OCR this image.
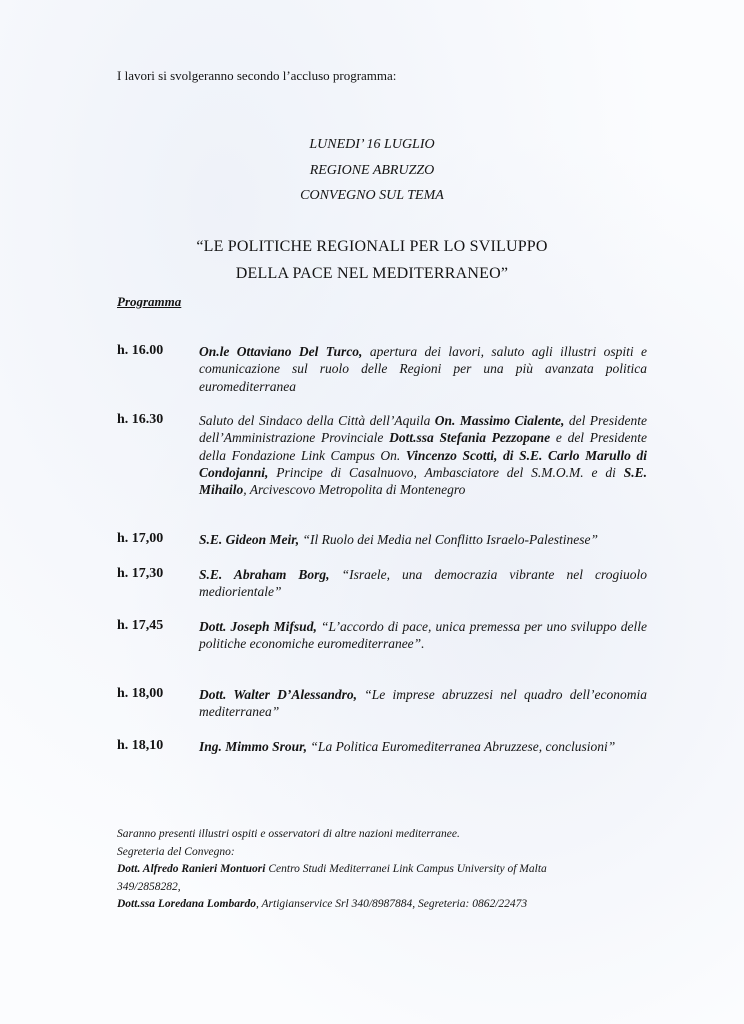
I lavori si svolgeranno secondo l’accluso programma:
LUNEDI’ 16 LUGLIO
REGIONE ABRUZZO
CONVEGNO SUL TEMA
“LE POLITICHE REGIONALI PER LO SVILUPPO
DELLA PACE NEL MEDITERRANEO”
Programma
h. 16.00	On.le Ottaviano Del Turco, apertura dei lavori, saluto agli illustri ospiti e comunicazione sul ruolo delle Regioni per una più avanzata politica euromediterranea
h. 16.30	Saluto del Sindaco della Città dell’Aquila On. Massimo Cialente, del Presidente dell’Amministrazione Provinciale Dott.ssa Stefania Pezzopane e del Presidente della Fondazione Link Campus On. Vincenzo Scotti, di S.E. Carlo Marullo di Condojanni, Principe di Casalnuovo, Ambasciatore del S.M.O.M. e di S.E. Mihailo, Arcivescovo Metropolita di Montenegro
h. 17,00	S.E. Gideon Meir, “Il Ruolo dei Media nel Conflitto Israelo-Palestinese”
h. 17,30	S.E. Abraham Borg, “Israele, una democrazia vibrante nel crogiuolo mediorientale”
h. 17,45	Dott. Joseph Mifsud, “L’accordo di pace, unica premessa per uno sviluppo delle politiche economiche euromediterranee”.
h. 18,00	Dott. Walter D’Alessandro, “Le imprese abruzzesi nel quadro dell’economia mediterranea”
h. 18,10	Ing. Mimmo Srour, “La Politica Euromediterranea Abruzzese, conclusioni”
Saranno presenti illustri ospiti e osservatori di altre nazioni mediterranee.
Segreteria del Convegno:
Dott. Alfredo Ranieri Montuori Centro Studi Mediterranei Link Campus University of Malta
349/2858282,
Dott.ssa Loredana Lombardo, Artigianservice Srl 340/8987884, Segreteria: 0862/22473
